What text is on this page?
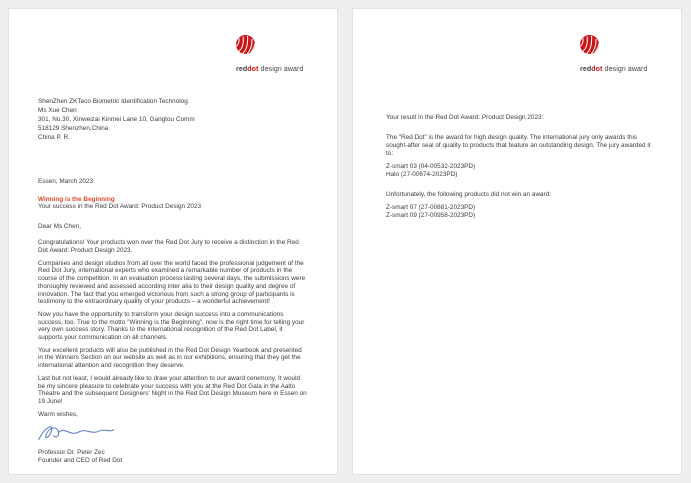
reddot design award
ShenZhen ZKTeco Biometric Identification Technolog
Ms Xue Chen
301, No.30, Xinweizai Kinmei Lane 10, Gangtou Comm
518129 Shenzhen,China
China P. R.
Essen, March 2023
Winning is the Beginning
Your success in the Red Dot Award: Product Design 2023
Dear Ms Chen,
Congratulations! Your products won over the Red Dot Jury to receive a distinction in the Red Dot Award: Product Design 2023.
Companies and design studios from all over the world faced the professional judgement of the Red Dot Jury, international experts who examined a remarkable number of products in the course of the competition. In an evaluation process lasting several days, the submissions were thoroughly reviewed and assessed according inter alia to their design quality and degree of innovation. The fact that you emerged victorious from such a strong group of participants is testimony to the extraordinary quality of your products – a wonderful achievement!
Now you have the opportunity to transform your design success into a communications success, too. True to the motto "Winning is the Beginning", now is the right time for telling your very own success story. Thanks to the international recognition of the Red Dot Label, it supports your communication on all channels.
Your excellent products will also be published in the Red Dot Design Yearbook and presented in the Winners Section on our website as well as in our exhibitions, ensuring that they get the international attention and recognition they deserve.
Last but not least, I would already like to draw your attention to our award ceremony. It would be my sincere pleasure to celebrate your success with you at the Red Dot Gala in the Aalto Theatre and the subsequent Designers' Night in the Red Dot Design Museum here in Essen on 19 June!
Warm wishes,
Professor Dr. Peter Zec
Founder and CEO of Red Dot
reddot design award
Your result in the Red Dot Award: Product Design 2023:
The "Red Dot" is the award for high design quality. The international jury only awards this sought-after seal of quality to products that feature an outstanding design. The jury awarded it to:
Z-smart 03 (04-00532-2023PD)
Halo (27-00674-2023PD)
Unfortunately, the following products did not win an award:
Z-smart 07 (27-00881-2023PD)
Z-smart 09 (27-00958-2023PD)
